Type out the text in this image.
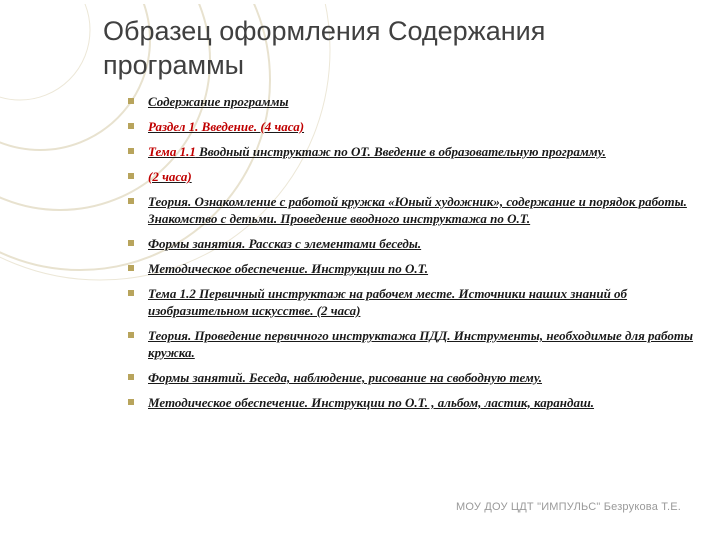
Образец оформления Содержания программы
Содержание программы
Раздел 1. Введение. (4 часа)
Тема 1.1 Вводный инструктаж по ОТ. Введение в образовательную программу.
(2 часа)
Теория. Ознакомление с работой кружка «Юный художник», содержание и порядок работы. Знакомство с детьми. Проведение вводного инструктажа по О.Т.
Формы занятия. Рассказ с элементами беседы.
Методическое обеспечение. Инструкции по О.Т.
Тема 1.2 Первичный инструктаж на рабочем месте. Источники наших знаний об изобразительном искусстве. (2 часа)
Теория. Проведение первичного инструктажа ПДД. Инструменты, необходимые для работы кружка.
Формы занятий. Беседа, наблюдение, рисование на свободную тему.
Методическое обеспечение. Инструкции по О.Т. , альбом, ластик, карандаш.
МОУ ДОУ ЦДТ "ИМПУЛЬС" Безрукова Т.Е.
